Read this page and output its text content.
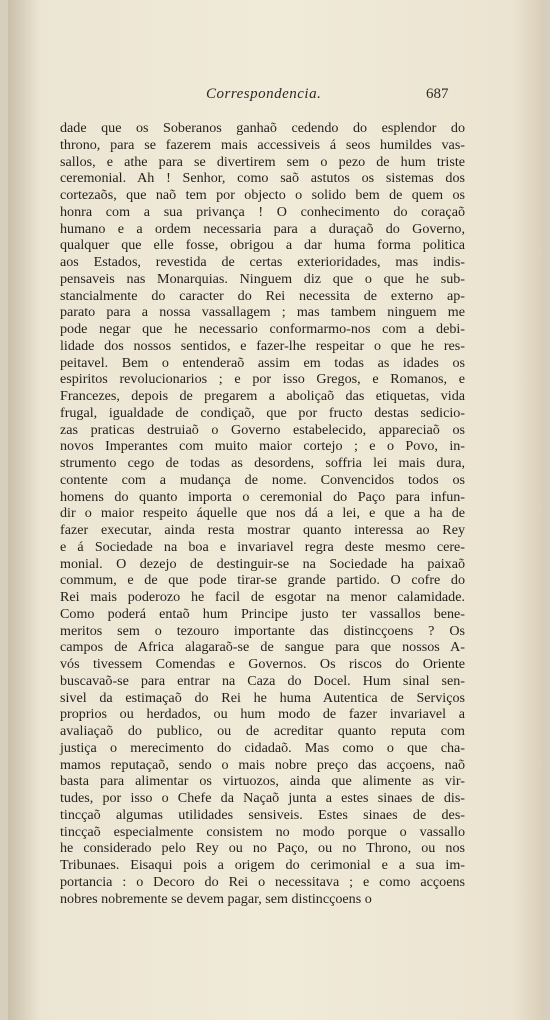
Correspondencia.	687
dade que os Soberanos ganhaõ cedendo do esplendor do
throno, para se fazerem mais accessiveis á seos humildes vas-
sallos, e athe para se divertirem sem o pezo de hum triste
ceremonial. Ah ! Senhor, como saõ astutos os sistemas dos
cortezaõs, que naõ tem por objecto o solido bem de quem os
honra com a sua privança ! O conhecimento do coraçaõ
humano e a ordem necessaria para a duraçaõ do Governo,
qualquer que elle fosse, obrigou a dar huma forma politica
aos Estados, revestida de certas exterioridades, mas indis-
pensaveis nas Monarquias. Ninguem diz que o que he sub-
stancialmente do caracter do Rei necessita de externo ap-
parato para a nossa vassallagem ; mas tambem ninguem me
pode negar que he necessario conformarmo-nos com a debi-
lidade dos nossos sentidos, e fazer-lhe respeitar o que he res-
peitavel. Bem o entenderaõ assim em todas as idades os
espiritos revolucionarios ; e por isso Gregos, e Romanos, e
Francezes, depois de pregarem a aboliçaõ das etiquetas, vida
frugal, igualdade de condiçaõ, que por fructo destas sedicio-
zas praticas destruiaõ o Governo estabelecido, appareciaõ os
novos Imperantes com muito maior cortejo ; e o Povo, in-
strumento cego de todas as desordens, soffria lei mais dura,
contente com a mudança de nome. Convencidos todos os
homens do quanto importa o ceremonial do Paço para infun-
dir o maior respeito áquelle que nos dá a lei, e que a ha de
fazer executar, ainda resta mostrar quanto interessa ao Rey
e á Sociedade na boa e invariavel regra deste mesmo cere-
monial. O dezejo de destinguir-se na Sociedade ha paixaõ
commum, e de que pode tirar-se grande partido. O cofre do
Rei mais poderozo he facil de esgotar na menor calamidade.
Como poderá entaõ hum Principe justo ter vassallos bene-
meritos sem o tezouro importante das distincçoens ? Os
campos de Africa alagaraõ-se de sangue para que nossos A-
vós tivessem Comendas e Governos. Os riscos do Oriente
buscavaõ-se para entrar na Caza do Docel. Hum sinal sen-
sivel da estimaçaõ do Rei he huma Autentica de Serviços
proprios ou herdados, ou hum modo de fazer invariavel a
avaliaçaõ do publico, ou de acreditar quanto reputa com
justiça o merecimento do cidadaõ. Mas como o que cha-
mamos reputaçaõ, sendo o mais nobre preço das acçoens, naõ
basta para alimentar os virtuozos, ainda que alimente as vir-
tudes, por isso o Chefe da Naçaõ junta a estes sinaes de dis-
tincçaõ algumas utilidades sensiveis. Estes sinaes de des-
tincçaõ especialmente consistem no modo porque o vassallo
he considerado pelo Rey ou no Paço, ou no Throno, ou nos
Tribunaes. Eisaqui pois a origem do cerimonial e a sua im-
portancia : o Decoro do Rei o necessitava ; e como acçoens
nobres nobremente se devem pagar, sem distincçoens o
